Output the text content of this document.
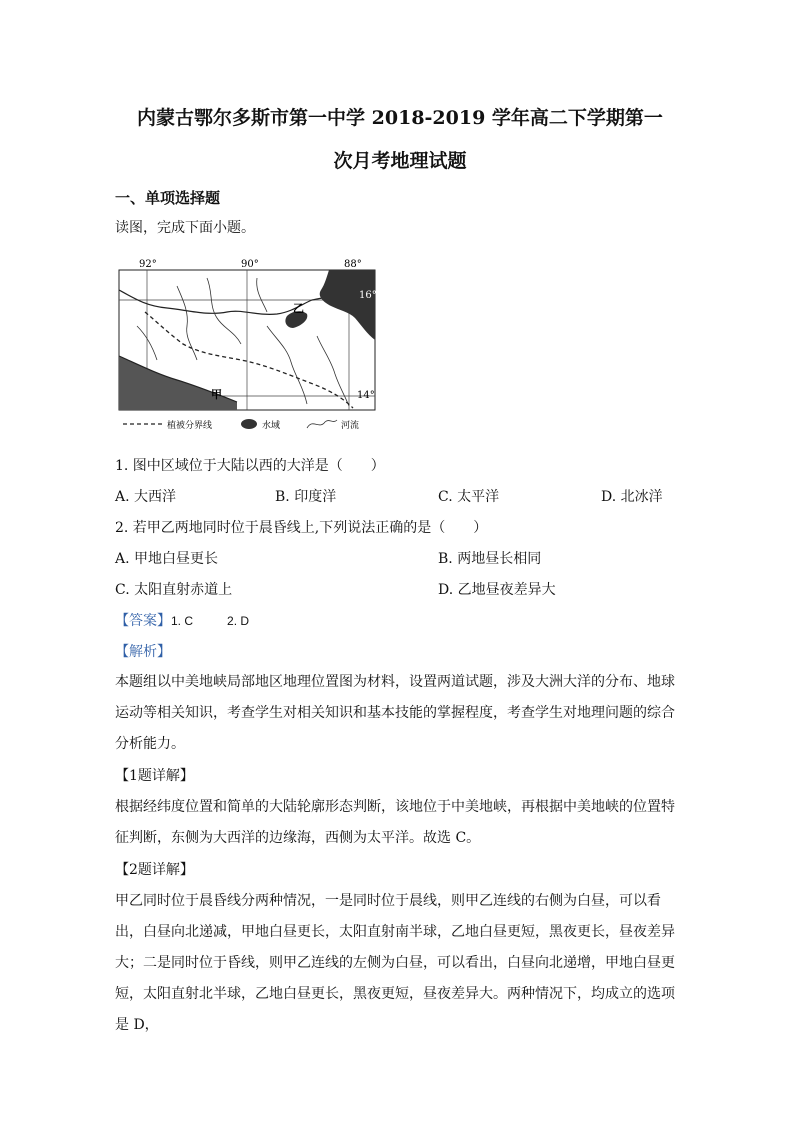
内蒙古鄂尔多斯市第一中学 2018-2019 学年高二下学期第一
次月考地理试题
一、单项选择题
读图，完成下面小题。
92°	90°	88°
16°
14°
乙
甲
植被分界线	水域	河流
1. 图中区域位于大陆以西的大洋是（　　）
A. 大西洋	B. 印度洋	C. 太平洋	D. 北冰洋
2. 若甲乙两地同时位于晨昏线上,下列说法正确的是（　　）
A. 甲地白昼更长	B. 两地昼长相同
C. 太阳直射赤道上	D. 乙地昼夜差异大
【答案】1. C	2. D
【解析】
本题组以中美地峡局部地区地理位置图为材料，设置两道试题，涉及大洲大洋的分布、地球运动等相关知识，考查学生对相关知识和基本技能的掌握程度，考查学生对地理问题的综合分析能力。
【1题详解】
根据经纬度位置和简单的大陆轮廓形态判断，该地位于中美地峡，再根据中美地峡的位置特征判断，东侧为大西洋的边缘海，西侧为太平洋。故选 C。
【2题详解】
甲乙同时位于晨昏线分两种情况，一是同时位于晨线，则甲乙连线的右侧为白昼，可以看出，白昼向北递减，甲地白昼更长，太阳直射南半球，乙地白昼更短，黑夜更长，昼夜差异大；二是同时位于昏线，则甲乙连线的左侧为白昼，可以看出，白昼向北递增，甲地白昼更短，太阳直射北半球，乙地白昼更长，黑夜更短，昼夜差异大。两种情况下，均成立的选项是 D，
